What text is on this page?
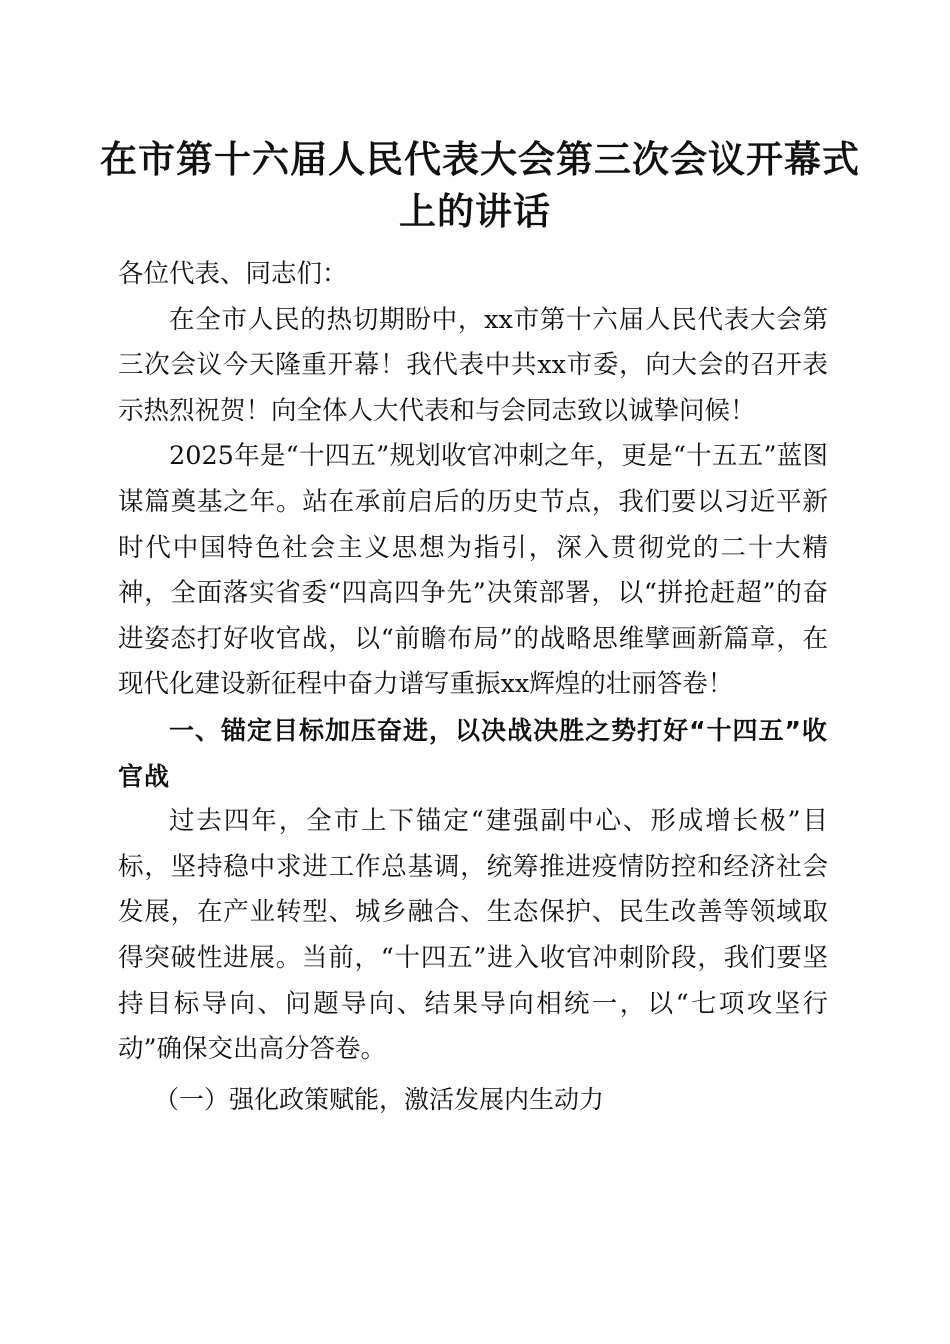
在市第十六届人民代表大会第三次会议开幕式
上的讲话

各位代表、同志们：

在全市人民的热切期盼中，xx市第十六届人民代表大会第三次会议今天隆重开幕！我代表中共xx市委，向大会的召开表示热烈祝贺！向全体人大代表和与会同志致以诚挚问候！

2025年是“十四五”规划收官冲刺之年，更是“十五五”蓝图谋篇奠基之年。站在承前启后的历史节点，我们要以习近平新时代中国特色社会主义思想为指引，深入贯彻党的二十大精神，全面落实省委“四高四争先”决策部署，以“拼抢赶超”的奋进姿态打好收官战，以“前瞻布局”的战略思维擘画新篇章，在现代化建设新征程中奋力谱写重振xx辉煌的壮丽答卷！

一、锚定目标加压奋进，以决战决胜之势打好“十四五”收官战

过去四年，全市上下锚定“建强副中心、形成增长极”目标，坚持稳中求进工作总基调，统筹推进疫情防控和经济社会发展，在产业转型、城乡融合、生态保护、民生改善等领域取得突破性进展。当前，“十四五”进入收官冲刺阶段，我们要坚持目标导向、问题导向、结果导向相统一，以“七项攻坚行动”确保交出高分答卷。

（一）强化政策赋能，激活发展内生动力
